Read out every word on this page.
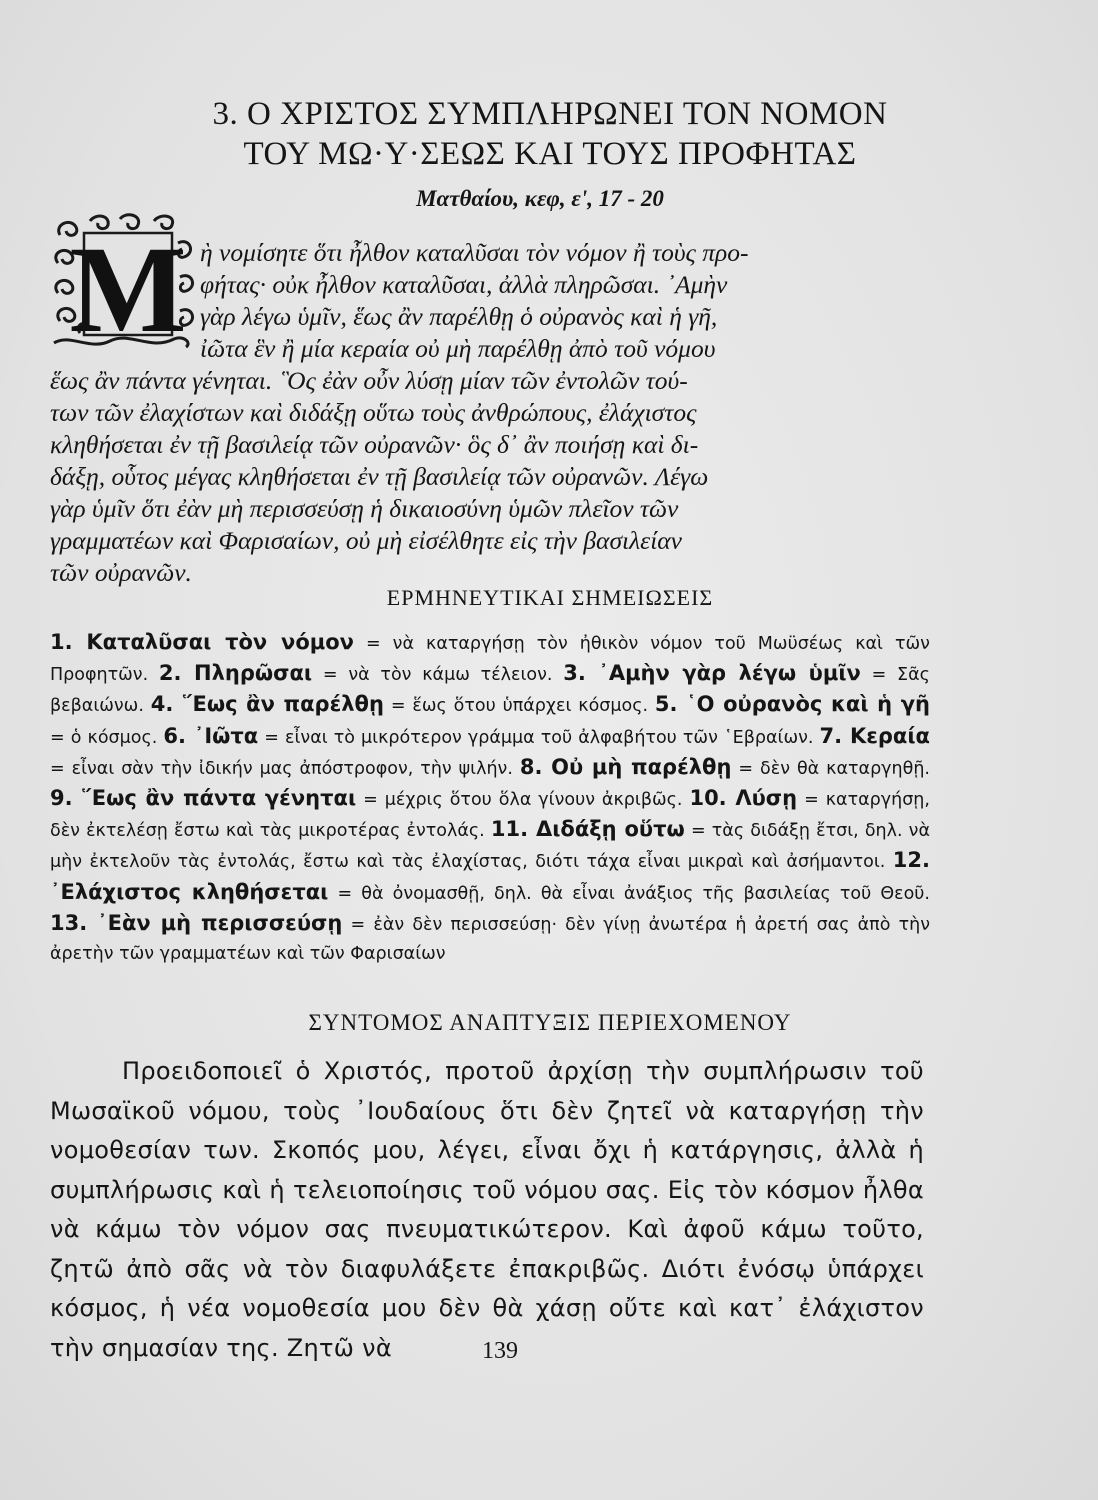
3. Ο ΧΡΙΣΤΟΣ ΣΥΜΠΛΗΡΩΝΕΙ ΤΟΝ ΝΟΜΟΝ
ΤΟΥ ΜΩ·Υ·ΣΕΩΣ ΚΑΙ ΤΟΥΣ ΠΡΟΦΗΤΑΣ
Ματθαίου, κεφ, ε', 17 - 20
Μ ὴ νομίσητε ὅτι ἦλθον καταλῦσαι τὸν νόμον ἢ τοὺς προ-
φήτας· οὐκ ἦλθον καταλῦσαι, ἀλλὰ πληρῶσαι. ᾿Αμὴν
γὰρ λέγω ὑμῖν, ἕως ἂν παρέλθῃ ὁ οὐρανὸς καὶ ἡ γῆ,
ἰῶτα ἓν ἢ μία κεραία οὐ μὴ παρέλθῃ ἀπὸ τοῦ νόμου
ἕως ἂν πάντα γένηται. ῝Ος ἐὰν οὖν λύσῃ μίαν τῶν ἐντολῶν τού-
των τῶν ἐλαχίστων καὶ διδάξῃ οὕτω τοὺς ἀνθρώπους, ἐλάχιστος
κληθήσεται ἐν τῇ βασιλείᾳ τῶν οὐρανῶν· ὃς δ᾿ ἂν ποιήσῃ καὶ δι-
δάξῃ, οὗτος μέγας κληθήσεται ἐν τῇ βασιλείᾳ τῶν οὐρανῶν. Λέγω
γὰρ ὑμῖν ὅτι ἐὰν μὴ περισσεύσῃ ἡ δικαιοσύνη ὑμῶν πλεῖον τῶν
γραμματέων καὶ Φαρισαίων, οὐ μὴ εἰσέλθητε εἰς τὴν βασιλείαν
τῶν οὐρανῶν.
ΕΡΜΗΝΕΥΤΙΚΑΙ ΣΗΜΕΙΩΣΕΙΣ
1. Καταλῦσαι τὸν νόμον = νὰ καταργήσῃ τὸν ἠθικὸν νόμον τοῦ Μωϋσέως καὶ τῶν Προφητῶν. 2. Πληρῶσαι = νὰ τὸν κάμω τέλειον. 3. ᾿Αμὴν γὰρ λέγω ὑμῖν = Σᾶς βεβαιώνω. 4. ῞Εως ἂν παρέλθῃ = ἕως ὅτου ὑπάρχει κόσμος. 5. ῾Ο οὐρανὸς καὶ ἡ γῆ = ὁ κόσμος. 6. ᾿Ιῶτα = εἶναι τὸ μικρότερον γράμμα τοῦ ἀλφαβήτου τῶν ῾Εβραίων. 7. Κεραία = εἶναι σὰν τὴν ἰδικήν μας ἀπόστροφον, τὴν ψιλήν. 8. Οὐ μὴ παρέλθῃ = δὲν θὰ καταργηθῇ. 9. ῞Εως ἂν πάντα γένηται = μέχρις ὅτου ὅλα γίνουν ἀκριβῶς. 10. Λύσῃ = καταργήσῃ, δὲν ἐκτελέσῃ ἔστω καὶ τὰς μικροτέρας ἐντολάς. 11. Διδάξῃ οὕτω = τὰς διδάξῃ ἔτσι, δηλ. νὰ μὴν ἐκτελοῦν τὰς ἐντολάς, ἔστω καὶ τὰς ἐλαχίστας, διότι τάχα εἶναι μικραὶ καὶ ἀσήμαντοι. 12. ᾿Ελάχιστος κληθήσεται = θὰ ὀνομασθῇ, δηλ. θὰ εἶναι ἀνάξιος τῆς βασιλείας τοῦ Θεοῦ. 13. ᾿Εὰν μὴ περισσεύσῃ = ἐὰν δὲν περισσεύσῃ· δὲν γίνῃ ἀνωτέρα ἡ ἀρετή σας ἀπὸ τὴν ἀρετὴν τῶν γραμματέων καὶ τῶν Φαρισαίων
ΣΥΝΤΟΜΟΣ ΑΝΑΠΤΥΞΙΣ ΠΕΡΙΕΧΟΜΕΝΟΥ
Προειδοποιεῖ ὁ Χριστός, προτοῦ ἀρχίσῃ τὴν συμπλήρωσιν τοῦ Μωσαϊκοῦ νόμου, τοὺς ᾿Ιουδαίους ὅτι δὲν ζητεῖ νὰ καταργήσῃ τὴν νομοθεσίαν των. Σκοπός μου, λέγει, εἶναι ὄχι ἡ κατάργησις, ἀλλὰ ἡ συμπλήρωσις καὶ ἡ τελειοποίησις τοῦ νόμου σας. Εἰς τὸν κόσμον ἦλθα νὰ κάμω τὸν νόμον σας πνευματικώτερον. Καὶ ἀφοῦ κάμω τοῦτο, ζητῶ ἀπὸ σᾶς νὰ τὸν διαφυλάξετε ἐπακριβῶς. Διότι ἐνόσῳ ὑπάρχει κόσμος, ἡ νέα νομοθεσία μου δὲν θὰ χάσῃ οὔτε καὶ κατ᾿ ἐλάχιστον τὴν σημασίαν της. Ζητῶ νὰ	139
